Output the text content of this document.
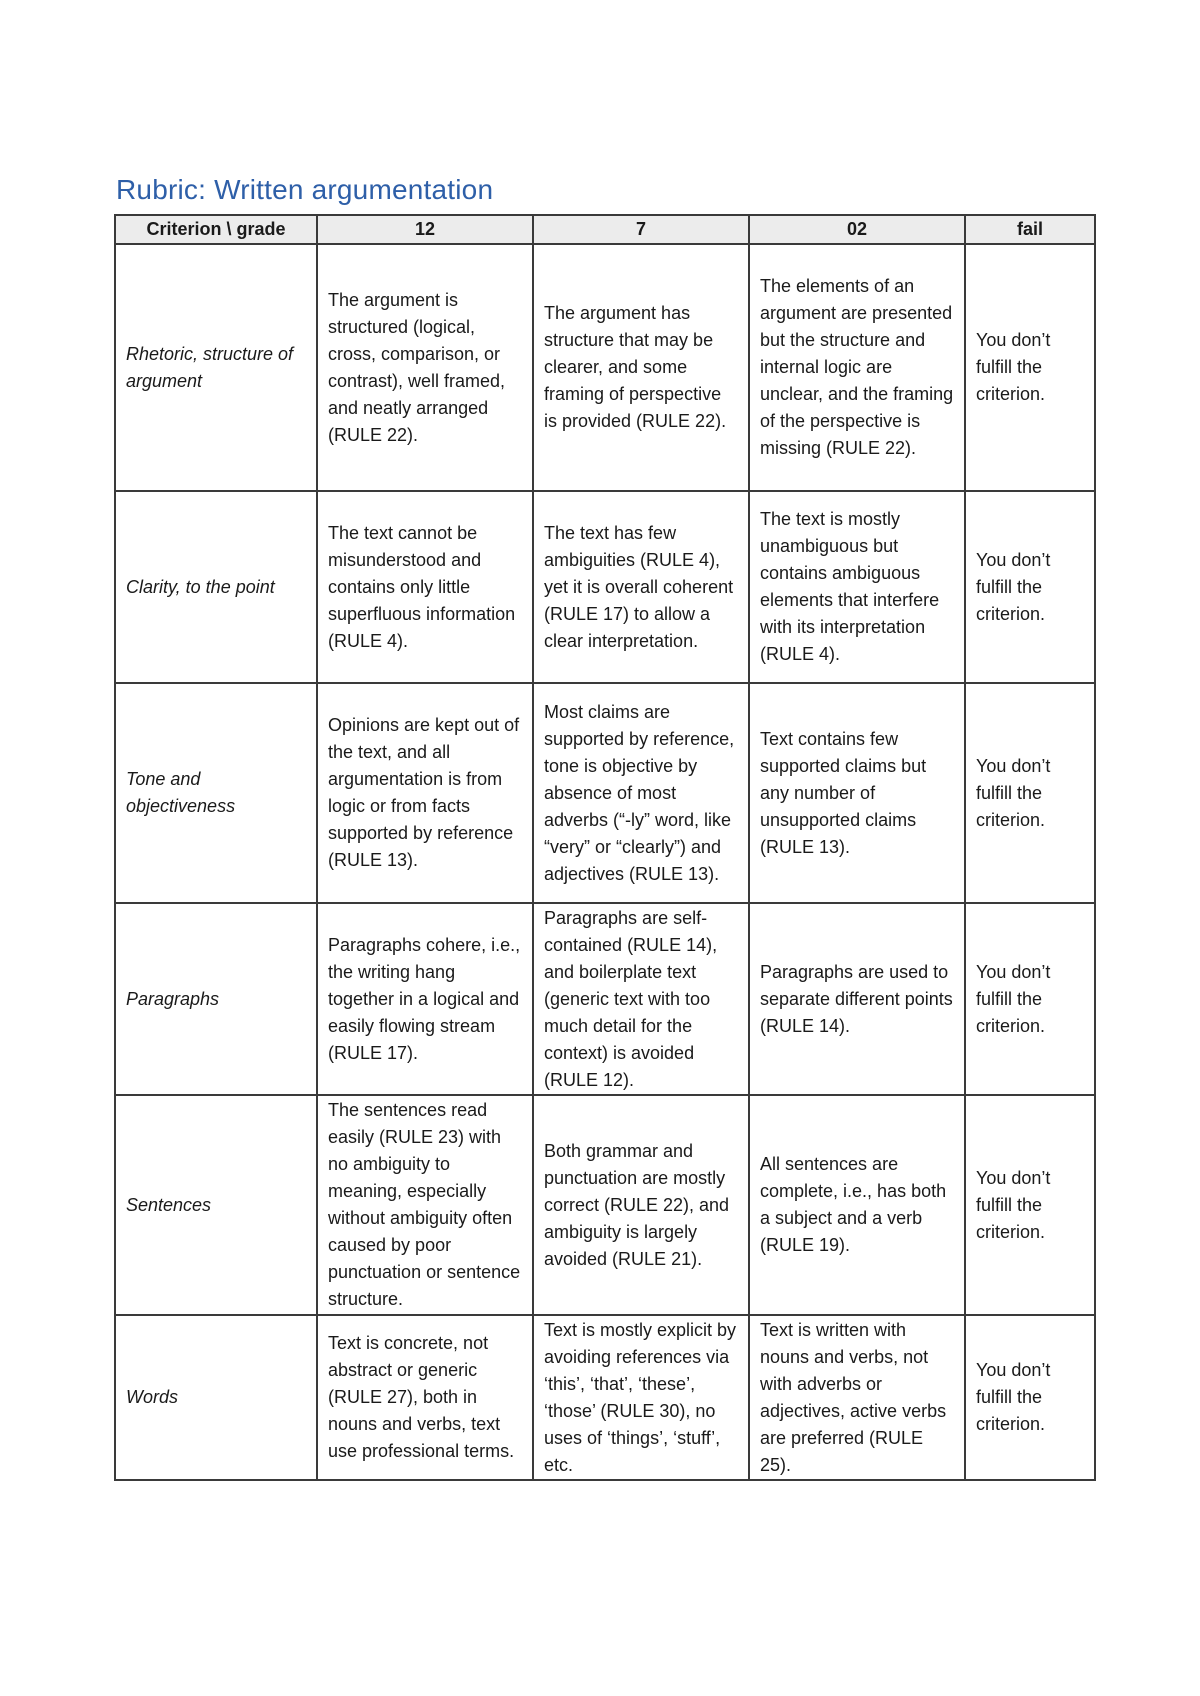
Rubric: Written argumentation
Criterion \ grade	12	7	02	fail
Rhetoric, structure of argument	The argument is structured (logical, cross, comparison, or contrast), well framed, and neatly arranged (RULE 22).	The argument has structure that may be clearer, and some framing of perspective is provided (RULE 22).	The elements of an argument are presented but the structure and internal logic are unclear, and the framing of the perspective is missing (RULE 22).	You don’t fulfill the criterion.
Clarity, to the point	The text cannot be misunderstood and contains only little superfluous information (RULE 4).	The text has few ambiguities (RULE 4), yet it is overall coherent (RULE 17) to allow a clear interpretation.	The text is mostly unambiguous but contains ambiguous elements that interfere with its interpretation (RULE 4).	You don’t fulfill the criterion.
Tone and objectiveness	Opinions are kept out of the text, and all argumentation is from logic or from facts supported by reference (RULE 13).	Most claims are supported by reference, tone is objective by absence of most adverbs (“-ly” word, like “very” or “clearly”) and adjectives (RULE 13).	Text contains few supported claims but any number of unsupported claims (RULE 13).	You don’t fulfill the criterion.
Paragraphs	Paragraphs cohere, i.e., the writing hang together in a logical and easily flowing stream (RULE 17).	Paragraphs are self-contained (RULE 14), and boilerplate text (generic text with too much detail for the context) is avoided (RULE 12).	Paragraphs are used to separate different points (RULE 14).	You don’t fulfill the criterion.
Sentences	The sentences read easily (RULE 23) with no ambiguity to meaning, especially without ambiguity often caused by poor punctuation or sentence structure.	Both grammar and punctuation are mostly correct (RULE 22), and ambiguity is largely avoided (RULE 21).	All sentences are complete, i.e., has both a subject and a verb (RULE 19).	You don’t fulfill the criterion.
Words	Text is concrete, not abstract or generic (RULE 27), both in nouns and verbs, text use professional terms.	Text is mostly explicit by avoiding references via ‘this’, ‘that’, ‘these’, ‘those’ (RULE 30), no uses of ‘things’, ‘stuff’, etc.	Text is written with nouns and verbs, not with adverbs or adjectives, active verbs are preferred (RULE 25).	You don’t fulfill the criterion.
